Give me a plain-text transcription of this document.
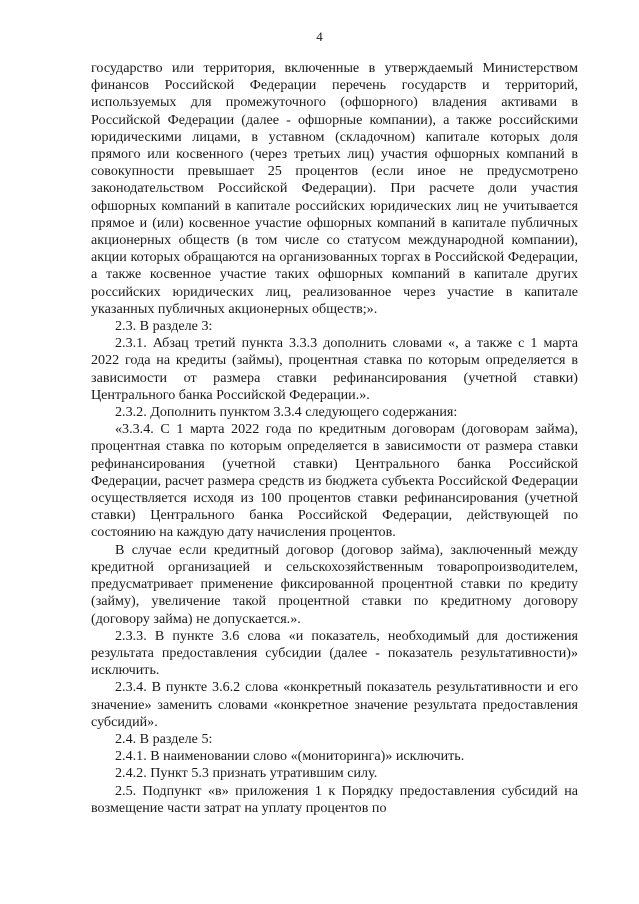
4

государство или территория, включенные в утверждаемый Министерством финансов Российской Федерации перечень государств и территорий, используемых для промежуточного (офшорного) владения активами в Российской Федерации (далее - офшорные компании), а также российскими юридическими лицами, в уставном (складочном) капитале которых доля прямого или косвенного (через третьих лиц) участия офшорных компаний в совокупности превышает 25 процентов (если иное не предусмотрено законодательством Российской Федерации). При расчете доли участия офшорных компаний в капитале российских юридических лиц не учитывается прямое и (или) косвенное участие офшорных компаний в капитале публичных акционерных обществ (в том числе со статусом международной компании), акции которых обращаются на организованных торгах в Российской Федерации, а также косвенное участие таких офшорных компаний в капитале других российских юридических лиц, реализованное через участие в капитале указанных публичных акционерных обществ;».

2.3. В разделе 3:

2.3.1. Абзац третий пункта 3.3.3 дополнить словами «, а также с 1 марта 2022 года на кредиты (займы), процентная ставка по которым определяется в зависимости от размера ставки рефинансирования (учетной ставки) Центрального банка Российской Федерации.».

2.3.2. Дополнить пунктом 3.3.4 следующего содержания:

«3.3.4. С 1 марта 2022 года по кредитным договорам (договорам займа), процентная ставка по которым определяется в зависимости от размера ставки рефинансирования (учетной ставки) Центрального банка Российской Федерации, расчет размера средств из бюджета субъекта Российской Федерации осуществляется исходя из 100 процентов ставки рефинансирования (учетной ставки) Центрального банка Российской Федерации, действующей по состоянию на каждую дату начисления процентов.

В случае если кредитный договор (договор займа), заключенный между кредитной организацией и сельскохозяйственным товаропроизводителем, предусматривает применение фиксированной процентной ставки по кредиту (займу), увеличение такой процентной ставки по кредитному договору (договору займа) не допускается.».

2.3.3. В пункте 3.6 слова «и показатель, необходимый для достижения результата предоставления субсидии (далее - показатель результативности)» исключить.

2.3.4. В пункте 3.6.2 слова «конкретный показатель результативности и его значение» заменить словами «конкретное значение результата предоставления субсидий».

2.4. В разделе 5:

2.4.1. В наименовании слово «(мониторинга)» исключить.

2.4.2. Пункт 5.3 признать утратившим силу.

2.5. Подпункт «в» приложения 1 к Порядку предоставления субсидий на возмещение части затрат на уплату процентов по
